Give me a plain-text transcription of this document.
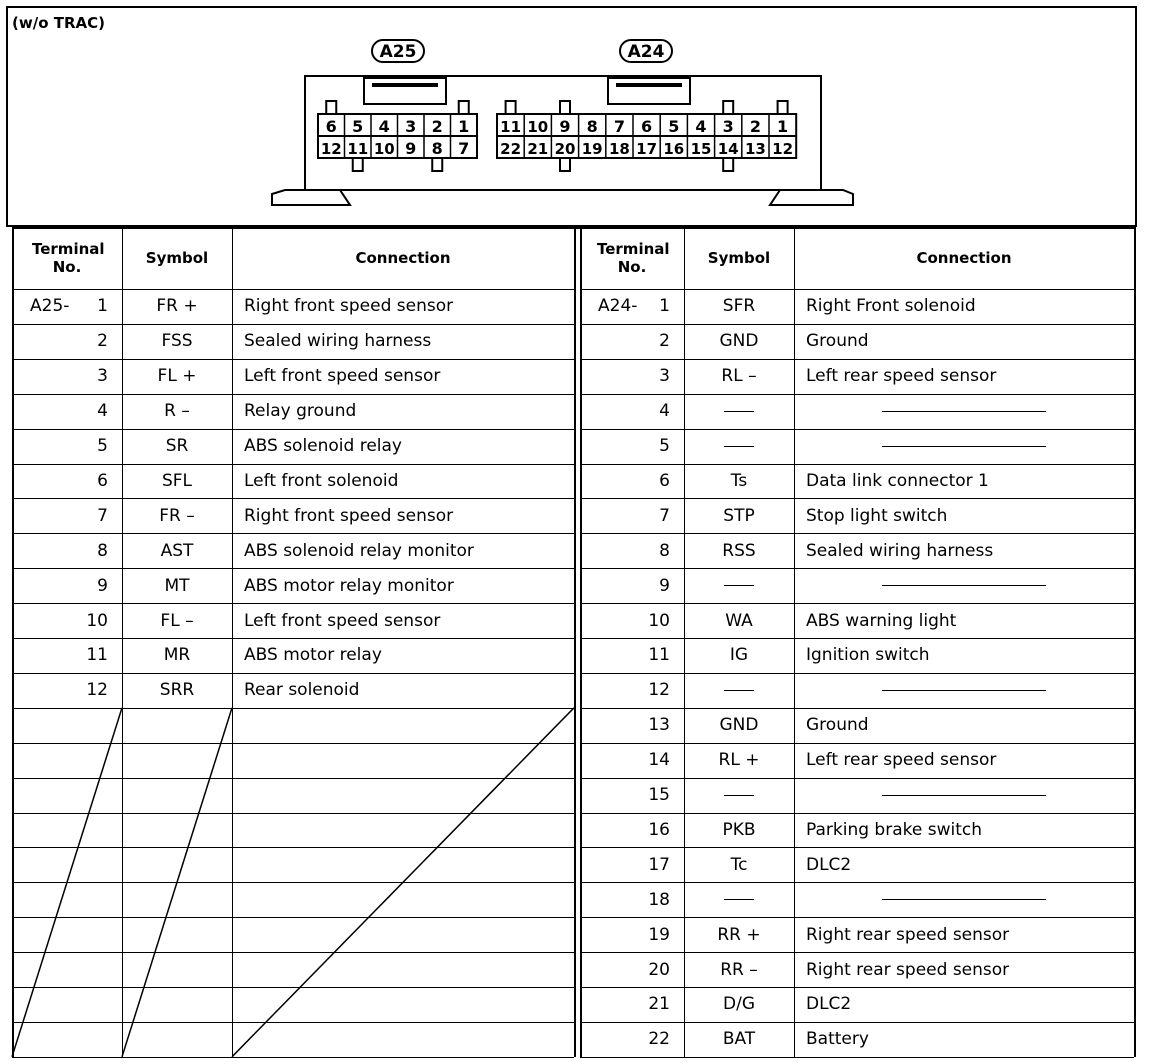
(w/o TRAC)
A25
6 5 4 3 2 1
12 11 10 9 8 7
A24
11 10 9 8 7 6 5 4 3 2 1
22 21 20 19 18 17 16 15 14 13 12
Terminal No.	Symbol	Connection
A25- 1	FR +	Right front speed sensor
2	FSS	Sealed wiring harness
3	FL +	Left front speed sensor
4	R –	Relay ground
5	SR	ABS solenoid relay
6	SFL	Left front solenoid
7	FR –	Right front speed sensor
8	AST	ABS solenoid relay monitor
9	MT	ABS motor relay monitor
10	FL –	Left front speed sensor
11	MR	ABS motor relay
12	SRR	Rear solenoid
Terminal No.	Symbol	Connection
A24- 1	SFR	Right Front solenoid
2	GND	Ground
3	RL –	Left rear speed sensor
4
5
6	Ts	Data link connector 1
7	STP	Stop light switch
8	RSS	Sealed wiring harness
9
10	WA	ABS warning light
11	IG	Ignition switch
12
13	GND	Ground
14	RL +	Left rear speed sensor
15
16	PKB	Parking brake switch
17	Tc	DLC2
18
19	RR +	Right rear speed sensor
20	RR –	Right rear speed sensor
21	D/G	DLC2
22	BAT	Battery
